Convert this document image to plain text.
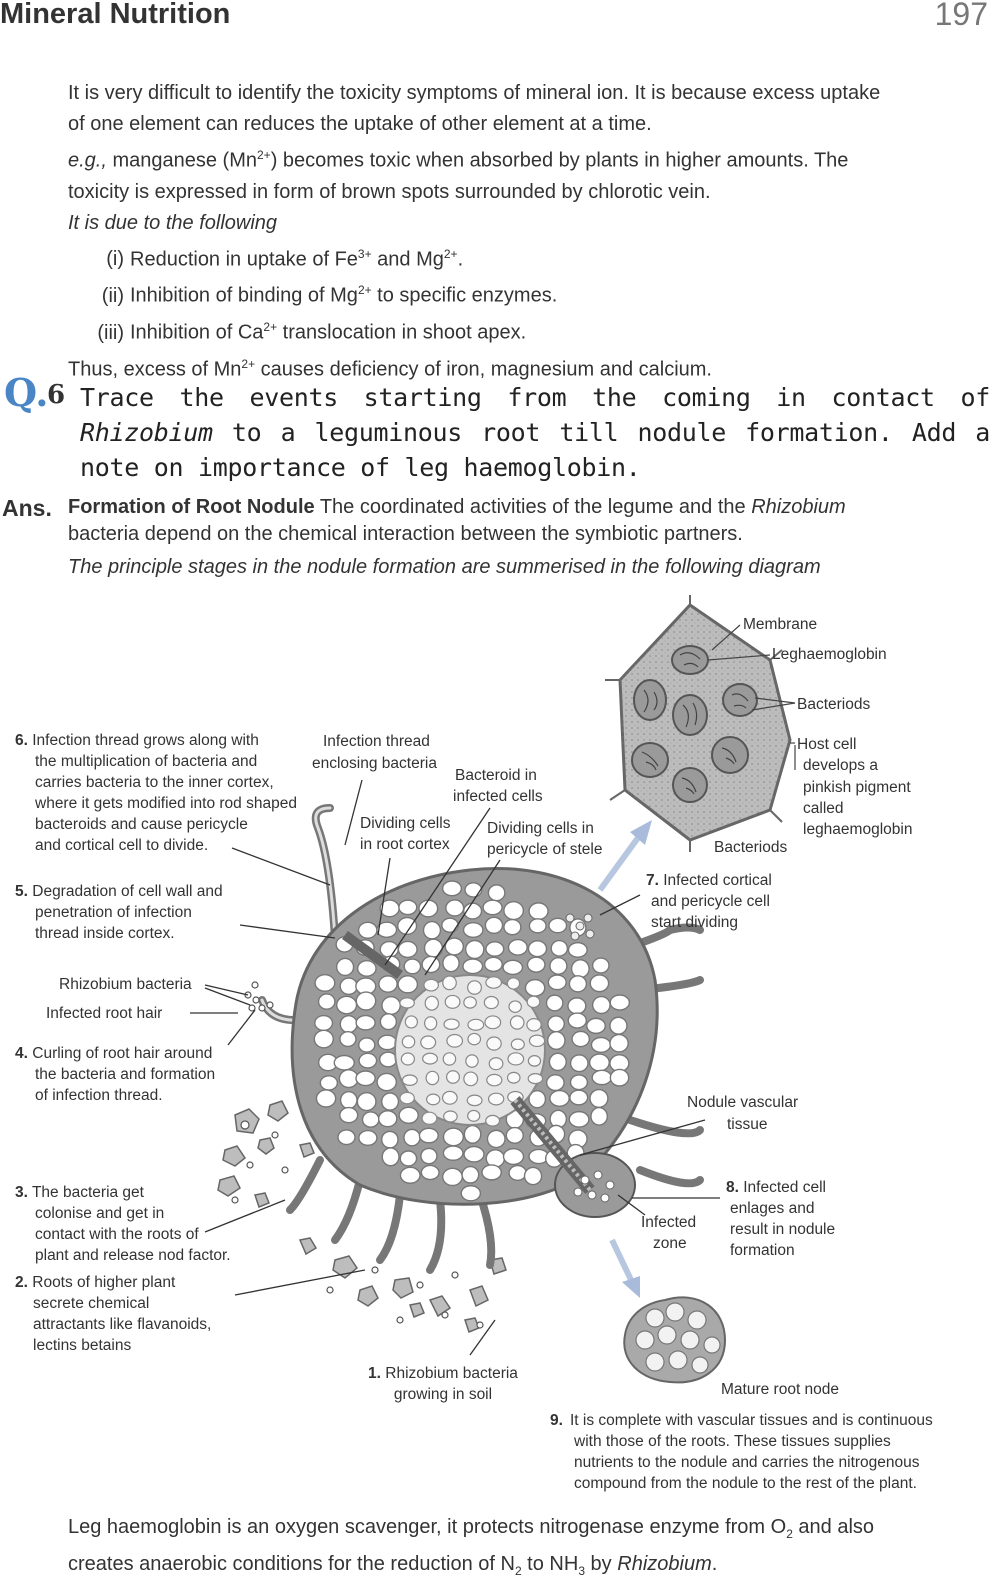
Mineral Nutrition	197
It is very difficult to identify the toxicity symptoms of mineral ion. It is because excess uptake
of one element can reduces the uptake of other element at a time.
e.g., manganese $(Mn^{2+})$ becomes toxic when absorbed by plants in higher amounts. The
toxicity is expressed in form of brown spots surrounded by chlorotic vein.
It is due to the following
(i) Reduction in uptake of $Fe^{3+}$ and $Mg^{2+}$.
(ii) Inhibition of binding of $Mg^{2+}$ to specific enzymes.
(iii) Inhibition of $Ca^{2+}$ translocation in shoot apex.
Thus, excess of $Mn^{2+}$ causes deficiency of iron, magnesium and calcium.
Q.
6 Trace the events starting from the coming in contact of Rhizobium to a leguminous root till nodule formation. Add a note on importance of leg haemoglobin.
Ans. Formation of Root Nodule The coordinated activities of the legume and the Rhizobium
bacteria depend on the chemical interaction between the symbiotic partners.
The principle stages in the nodule formation are summerised in the following diagram
Membrane
Leghaemoglobin
Bacteriods
Host cell
develops a
pinkish pigment
called
leghaemoglobin
Bacteriods
Infection thread
enclosing bacteria
Bacteroid in
infected cells
Dividing cells
in root cortex
Dividing cells in
pericycle of stele
Rhizobium bacteria
Infected root hair
Nodule vascular
tissue
Infected
zone
Mature root node
6. Infection thread grows along with
the multiplication of bacteria and
carries bacteria to the inner cortex,
where it gets modified into rod shaped
bacteroids and cause pericycle
and cortical cell to divide.
5. Degradation of cell wall and
penetration of infection
thread inside cortex.
4. Curling of root hair around
the bacteria and formation
of infection thread.
3. The bacteria get
colonise and get in
contact with the roots of
plant and release nod factor.
2. Roots of higher plant
secrete chemical
attractants like flavanoids,
lectins betains
1. Rhizobium bacteria
growing in soil
7. Infected cortical
and pericycle cell
start dividing
8. Infected cell
enlages and
result in nodule
formation
9. It is complete with vascular tissues and is continuous
with those of the roots. These tissues supplies
nutrients to the nodule and carries the nitrogenous
compound from the nodule to the rest of the plant.
Leg haemoglobin is an oxygen scavenger, it protects nitrogenase enzyme from $O_2$ and also
creates anaerobic conditions for the reduction of $N_2$ to $NH_3$ by Rhizobium.
